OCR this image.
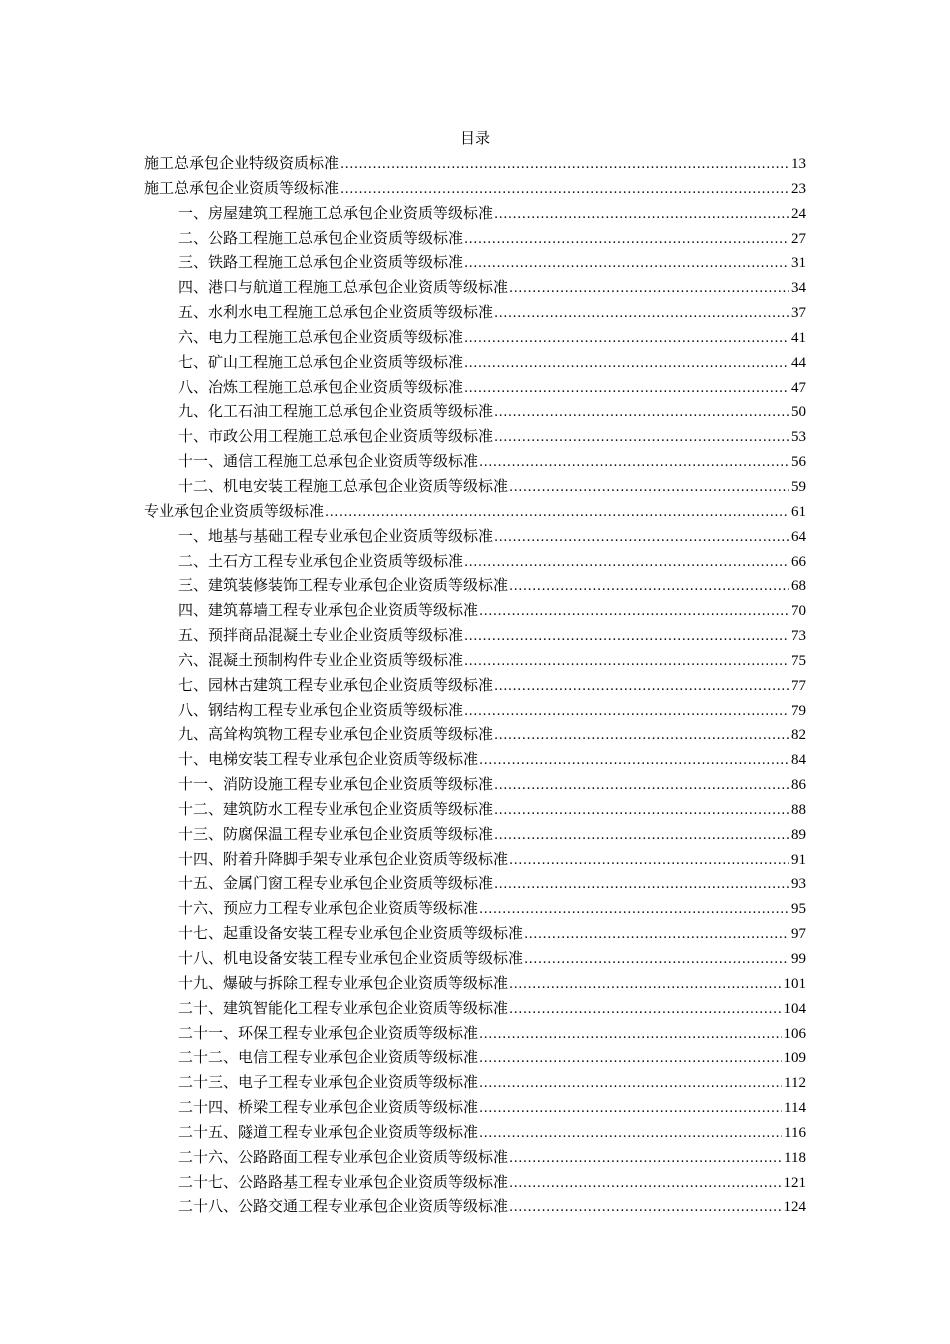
目录
施工总承包企业特级资质标准 .....	13
施工总承包企业资质等级标准 .....	23
一、房屋建筑工程施工总承包企业资质等级标准 .....	24
二、公路工程施工总承包企业资质等级标准 .....	27
三、铁路工程施工总承包企业资质等级标准 .....	31
四、港口与航道工程施工总承包企业资质等级标准 .....	34
五、水利水电工程施工总承包企业资质等级标准 .....	37
六、电力工程施工总承包企业资质等级标准 .....	41
七、矿山工程施工总承包企业资质等级标准 .....	44
八、冶炼工程施工总承包企业资质等级标准 .....	47
九、化工石油工程施工总承包企业资质等级标准 .....	50
十、市政公用工程施工总承包企业资质等级标准 .....	53
十一、通信工程施工总承包企业资质等级标准 .....	56
十二、机电安装工程施工总承包企业资质等级标准 .....	59
专业承包企业资质等级标准 .....	61
一、地基与基础工程专业承包企业资质等级标准 .....	64
二、土石方工程专业承包企业资质等级标准 .....	66
三、建筑装修装饰工程专业承包企业资质等级标准 .....	68
四、建筑幕墙工程专业承包企业资质等级标准 .....	70
五、预拌商品混凝土专业企业资质等级标准 .....	73
六、混凝土预制构件专业企业资质等级标准 .....	75
七、园林古建筑工程专业承包企业资质等级标准 .....	77
八、钢结构工程专业承包企业资质等级标准 .....	79
九、高耸构筑物工程专业承包企业资质等级标准 .....	82
十、电梯安装工程专业承包企业资质等级标准 .....	84
十一、消防设施工程专业承包企业资质等级标准 .....	86
十二、建筑防水工程专业承包企业资质等级标准 .....	88
十三、防腐保温工程专业承包企业资质等级标准 .....	89
十四、附着升降脚手架专业承包企业资质等级标准 .....	91
十五、金属门窗工程专业承包企业资质等级标准 .....	93
十六、预应力工程专业承包企业资质等级标准 .....	95
十七、起重设备安装工程专业承包企业资质等级标准 .....	97
十八、机电设备安装工程专业承包企业资质等级标准 .....	99
十九、爆破与拆除工程专业承包企业资质等级标准 .....	101
二十、建筑智能化工程专业承包企业资质等级标准 .....	104
二十一、环保工程专业承包企业资质等级标准 .....	106
二十二、电信工程专业承包企业资质等级标准 .....	109
二十三、电子工程专业承包企业资质等级标准 .....	112
二十四、桥梁工程专业承包企业资质等级标准 .....	114
二十五、隧道工程专业承包企业资质等级标准 .....	116
二十六、公路路面工程专业承包企业资质等级标准 .....	118
二十七、公路路基工程专业承包企业资质等级标准 .....	121
二十八、公路交通工程专业承包企业资质等级标准 .....	124
